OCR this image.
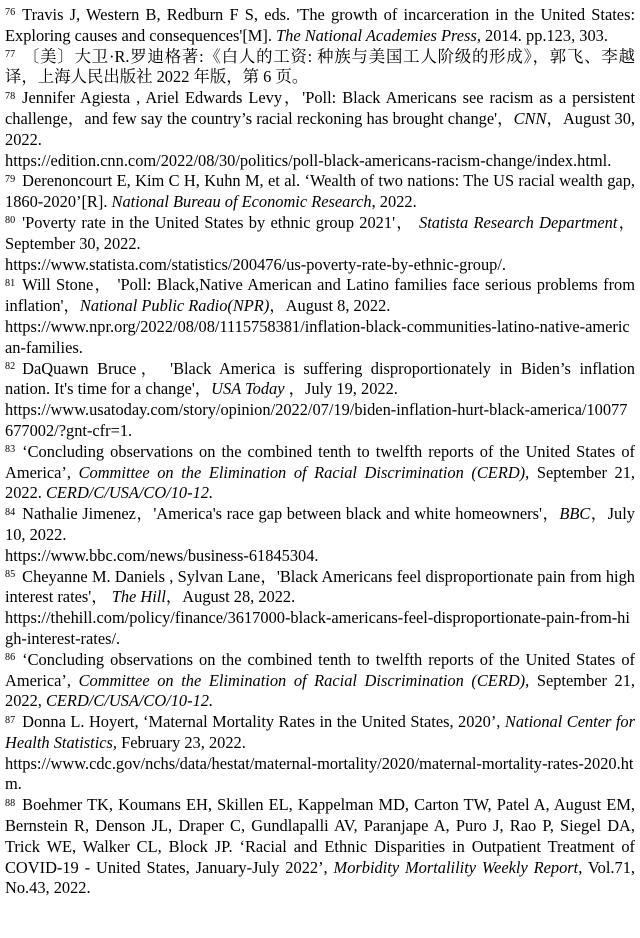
$^{76}$ Travis J, Western B, Redburn F S, eds. 'The growth of incarceration in the United States: Exploring causes and consequences'[M]. The National Academies Press, 2014. pp.123, 303.

$^{77}$ 〔美〕大卫·R.罗迪格著:《白人的工资: 种族与美国工人阶级的形成》，郭飞、李越译，上海人民出版社 2022 年版，第 6 页。

$^{78}$ Jennifer Agiesta , Ariel Edwards Levy，'Poll: Black Americans see racism as a persistent challenge，and few say the country’s racial reckoning has brought change'，CNN，August 30, 2022.
https://edition.cnn.com/2022/08/30/politics/poll-black-americans-racism-change/index.html.

$^{79}$ Derenoncourt E, Kim C H, Kuhn M, et al. ‘Wealth of two nations: The US racial wealth gap, 1860-2020’[R]. National Bureau of Economic Research, 2022.

$^{80}$ 'Poverty rate in the United States by ethnic group 2021'， Statista Research Department，September 30, 2022.
https://www.statista.com/statistics/200476/us-poverty-rate-by-ethnic-group/.

$^{81}$ Will Stone， 'Poll: Black,Native American and Latino families face serious problems from inflation'，National Public Radio(NPR)，August 8, 2022.
https://www.npr.org/2022/08/08/1115758381/inflation-black-communities-latino-native-american-families.

$^{82}$ DaQuawn Bruce， 'Black America is suffering disproportionately in Biden’s inflation nation. It's time for a change'，USA Today ，July 19, 2022.
https://www.usatoday.com/story/opinion/2022/07/19/biden-inflation-hurt-black-america/10077677002/?gnt-cfr=1.

$^{83}$ ‘Concluding observations on the combined tenth to twelfth reports of the United States of America’, Committee on the Elimination of Racial Discrimination (CERD), September 21, 2022. CERD/C/USA/CO/10-12.

$^{84}$ Nathalie Jimenez，'America's race gap between black and white homeowners'，BBC，July 10, 2022.
https://www.bbc.com/news/business-61845304.

$^{85}$ Cheyanne M. Daniels , Sylvan Lane，'Black Americans feel disproportionate pain from high interest rates'， The Hill，August 28, 2022.
https://thehill.com/policy/finance/3617000-black-americans-feel-disproportionate-pain-from-high-interest-rates/.

$^{86}$ ‘Concluding observations on the combined tenth to twelfth reports of the United States of America’, Committee on the Elimination of Racial Discrimination (CERD), September 21, 2022, CERD/C/USA/CO/10-12.

$^{87}$ Donna L. Hoyert, ‘Maternal Mortality Rates in the United States, 2020’, National Center for Health Statistics, February 23, 2022.
https://www.cdc.gov/nchs/data/hestat/maternal-mortality/2020/maternal-mortality-rates-2020.htm.

$^{88}$ Boehmer TK, Koumans EH, Skillen EL, Kappelman MD, Carton TW, Patel A, August EM, Bernstein R, Denson JL, Draper C, Gundlapalli AV, Paranjape A, Puro J, Rao P, Siegel DA, Trick WE, Walker CL, Block JP. ‘Racial and Ethnic Disparities in Outpatient Treatment of COVID-19 - United States, January-July 2022’, Morbidity Mortalility Weekly Report, Vol.71, No.43, 2022.
